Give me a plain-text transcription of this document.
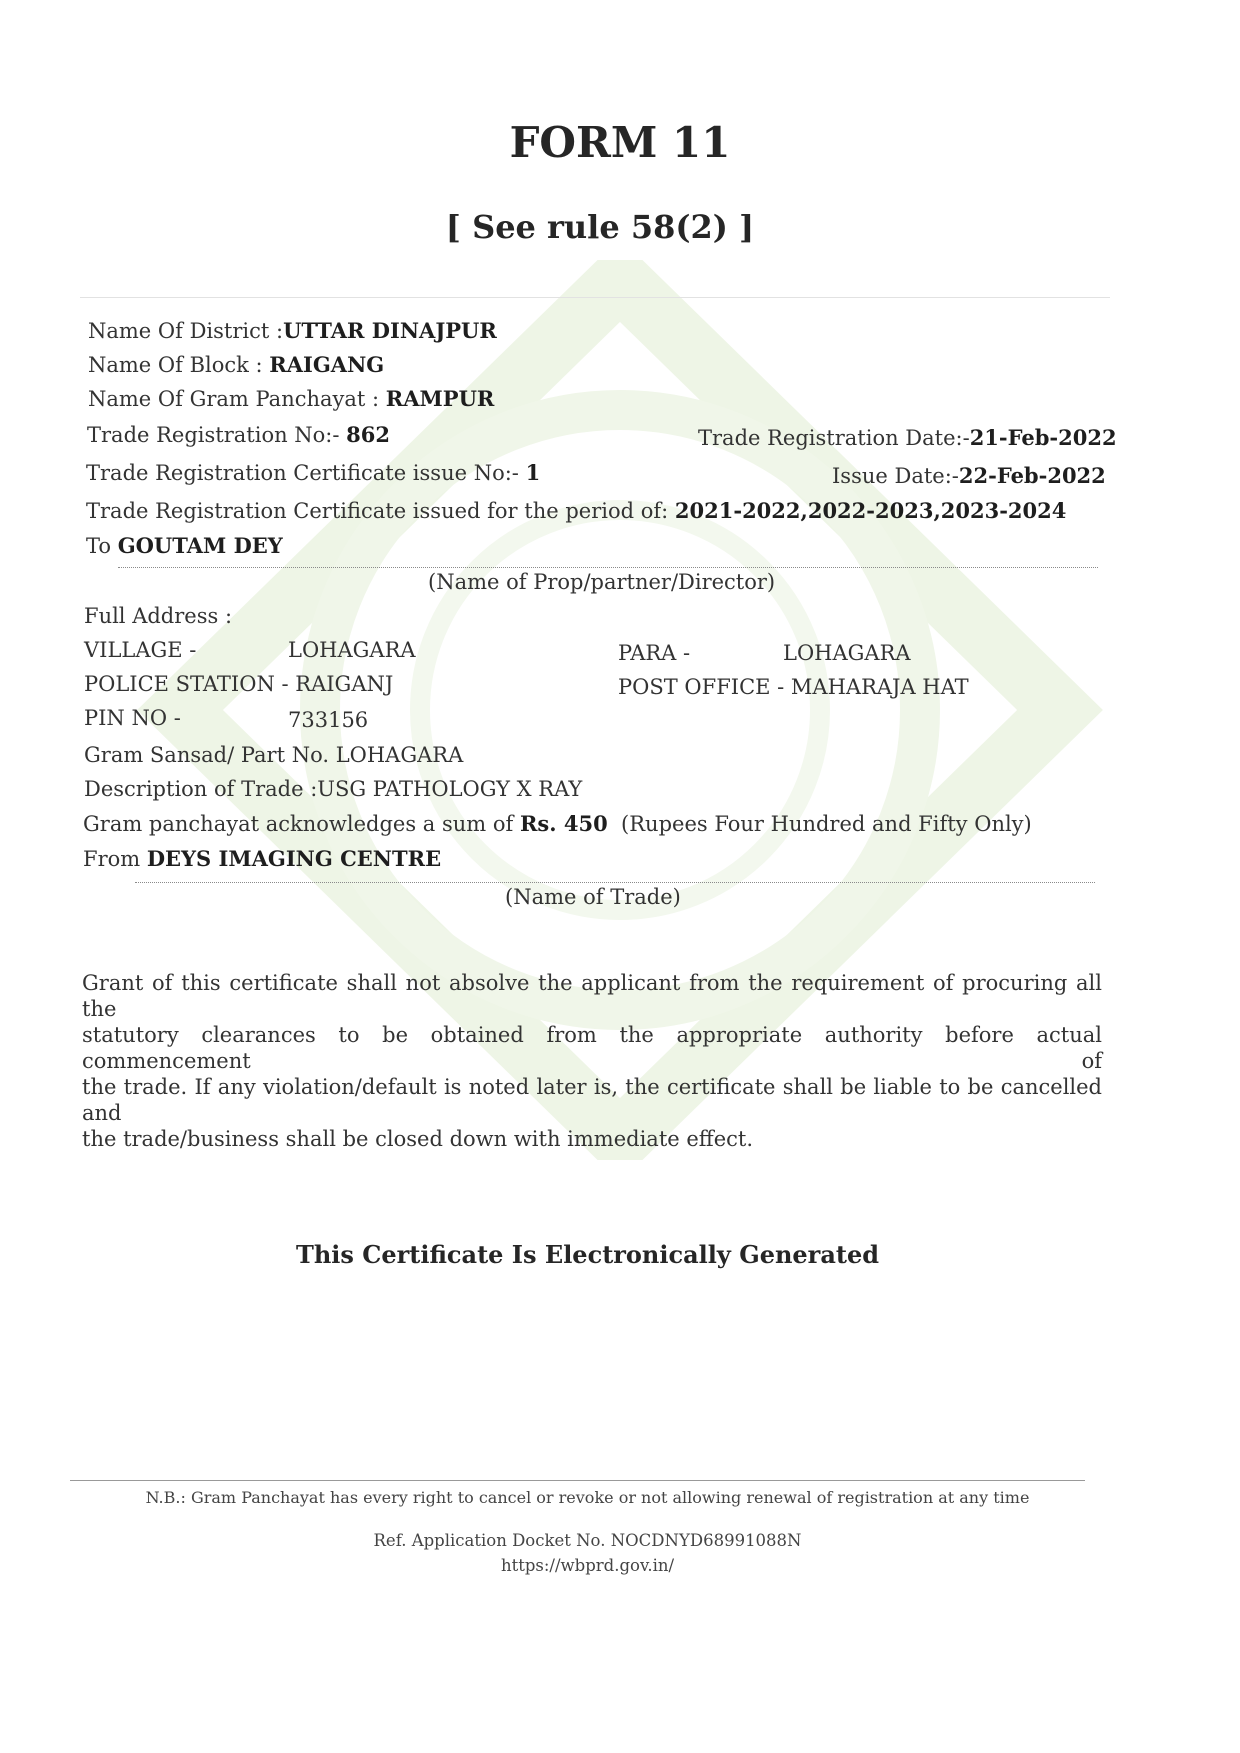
FORM 11
[ See rule 58(2) ]
Name Of District :UTTAR DINAJPUR
Name Of Block : RAIGANG
Name Of Gram Panchayat : RAMPUR
Trade Registration No:- 862	Trade Registration Date:-21-Feb-2022
Trade Registration Certificate issue No:- 1	Issue Date:-22-Feb-2022
Trade Registration Certificate issued for the period of: 2021-2022,2022-2023,2023-2024
To GOUTAM DEY
(Name of Prop/partner/Director)
Full Address :
VILLAGE -	LOHAGARA	PARA -	LOHAGARA
POLICE STATION - RAIGANJ	POST OFFICE - MAHARAJA HAT
PIN NO -	733156
Gram Sansad/ Part No. LOHAGARA
Description of Trade :USG PATHOLOGY X RAY
Gram panchayat acknowledges a sum of Rs. 450 (Rupees Four Hundred and Fifty Only)
From DEYS IMAGING CENTRE
(Name of Trade)
Grant of this certificate shall not absolve the applicant from the requirement of procuring all the
statutory clearances to be obtained from the appropriate authority before actual commencement of
the trade. If any violation/default is noted later is, the certificate shall be liable to be cancelled and
the trade/business shall be closed down with immediate effect.
This Certificate Is Electronically Generated
N.B.: Gram Panchayat has every right to cancel or revoke or not allowing renewal of registration at any time
Ref. Application Docket No. NOCDNYD68991088N
https://wbprd.gov.in/
